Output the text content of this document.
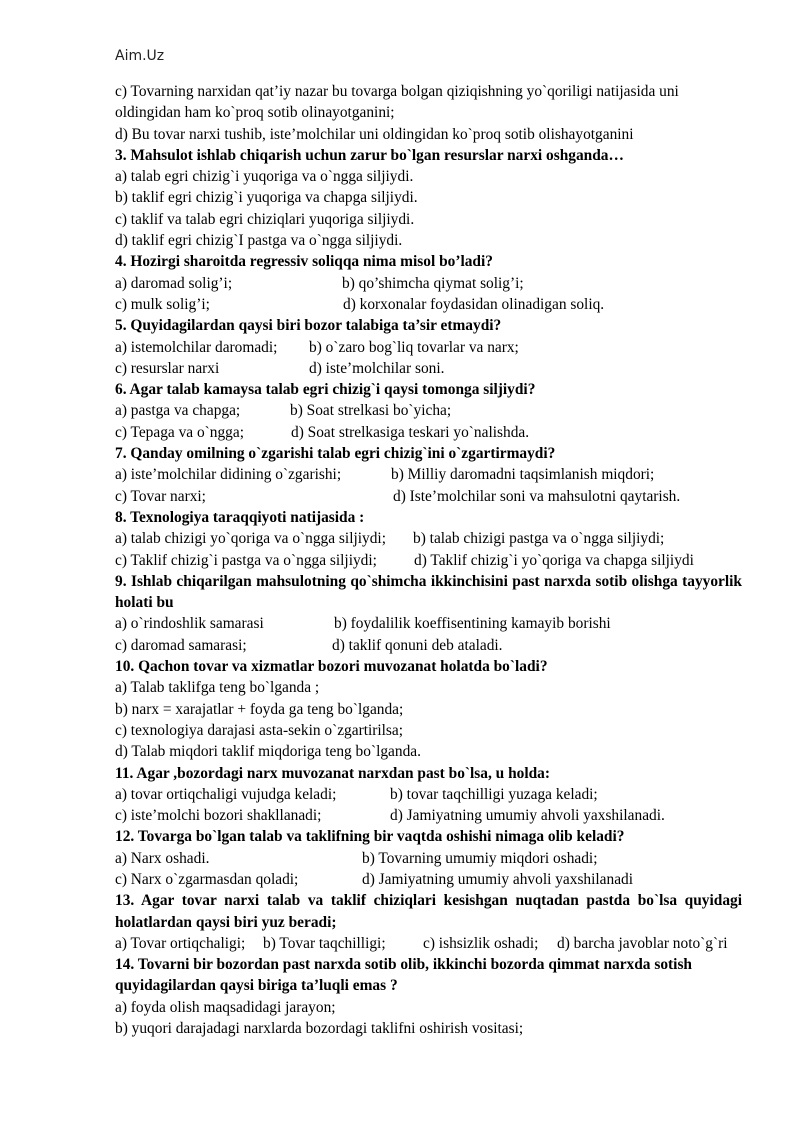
Aim.Uz
c) Tovarning narxidan qat’iy nazar bu tovarga bolgan qiziqishning yo`qoriligi natijasida uni
oldingidan ham ko`proq sotib olinayotganini;
d) Bu tovar narxi tushib, iste’molchilar uni oldingidan ko`proq sotib olishayotganini
3. Mahsulot ishlab chiqarish uchun zarur bo`lgan resurslar narxi oshganda…
a) talab egri chizig`i yuqoriga va o`ngga siljiydi.
b) taklif egri chizig`i yuqoriga va chapga siljiydi.
c) taklif va talab egri chiziqlari yuqoriga siljiydi.
d) taklif egri chizig`I pastga va o`ngga siljiydi.
4. Hozirgi sharoitda regressiv soliqqa nima misol bo’ladi?
a) daromad solig’i;	b) qo’shimcha qiymat solig’i;
c) mulk solig’i;	d) korxonalar foydasidan olinadigan soliq.
5. Quyidagilardan qaysi biri bozor talabiga ta’sir etmaydi?
a) istemolchilar daromadi;	b) o`zaro bog`liq tovarlar va narx;
c) resurslar narxi	d) iste’molchilar soni.
6. Agar talab kamaysa talab egri chizig`i qaysi tomonga siljiydi?
a) pastga va chapga;	b) Soat strelkasi bo`yicha;
c) Tepaga va o`ngga;	d) Soat strelkasiga teskari yo`nalishda.
7. Qanday omilning o`zgarishi talab egri chizig`ini o`zgartirmaydi?
a) iste’molchilar didining o`zgarishi;	b) Milliy daromadni taqsimlanish miqdori;
c) Tovar narxi;	d) Iste’molchilar soni va mahsulotni qaytarish.
8. Texnologiya taraqqiyoti natijasida :
a) talab chizigi yo`qoriga va o`ngga siljiydi;	b) talab chizigi pastga va o`ngga siljiydi;
c) Taklif chizig`i pastga va o`ngga siljiydi;	d) Taklif chizig`i yo`qoriga va chapga siljiydi
9. Ishlab chiqarilgan mahsulotning qo`shimcha ikkinchisini past narxda sotib olishga tayyorlik holati bu
a) o`rindoshlik samarasi	b) foydalilik koeffisentining kamayib borishi
c) daromad samarasi;	d) taklif qonuni deb ataladi.
10. Qachon tovar va xizmatlar bozori muvozanat holatda bo`ladi?
a) Talab taklifga teng bo`lganda ;
b) narx = xarajatlar + foyda ga teng bo`lganda;
c) texnologiya darajasi asta-sekin o`zgartirilsa;
d) Talab miqdori taklif miqdoriga teng bo`lganda.
11. Agar ,bozordagi narx muvozanat narxdan past bo`lsa, u holda:
a) tovar ortiqchaligi vujudga keladi;	b) tovar taqchilligi yuzaga keladi;
c) iste’molchi bozori shakllanadi;	d) Jamiyatning umumiy ahvoli yaxshilanadi.
12. Tovarga bo`lgan talab va taklifning bir vaqtda oshishi nimaga olib keladi?
a) Narx oshadi.	b) Tovarning umumiy miqdori oshadi;
c) Narx o`zgarmasdan qoladi;	d) Jamiyatning umumiy ahvoli yaxshilanadi
13. Agar tovar narxi talab va taklif chiziqlari kesishgan nuqtadan pastda bo`lsa quyidagi holatlardan qaysi biri yuz beradi;
a) Tovar ortiqchaligi;	b) Tovar taqchilligi;	c) ishsizlik oshadi;	d) barcha javoblar noto`g`ri
14. Tovarni bir bozordan past narxda sotib olib, ikkinchi bozorda qimmat narxda sotish quyidagilardan qaysi biriga ta’luqli emas ?
a) foyda olish maqsadidagi jarayon;
b) yuqori darajadagi narxlarda bozordagi taklifni oshirish vositasi;
